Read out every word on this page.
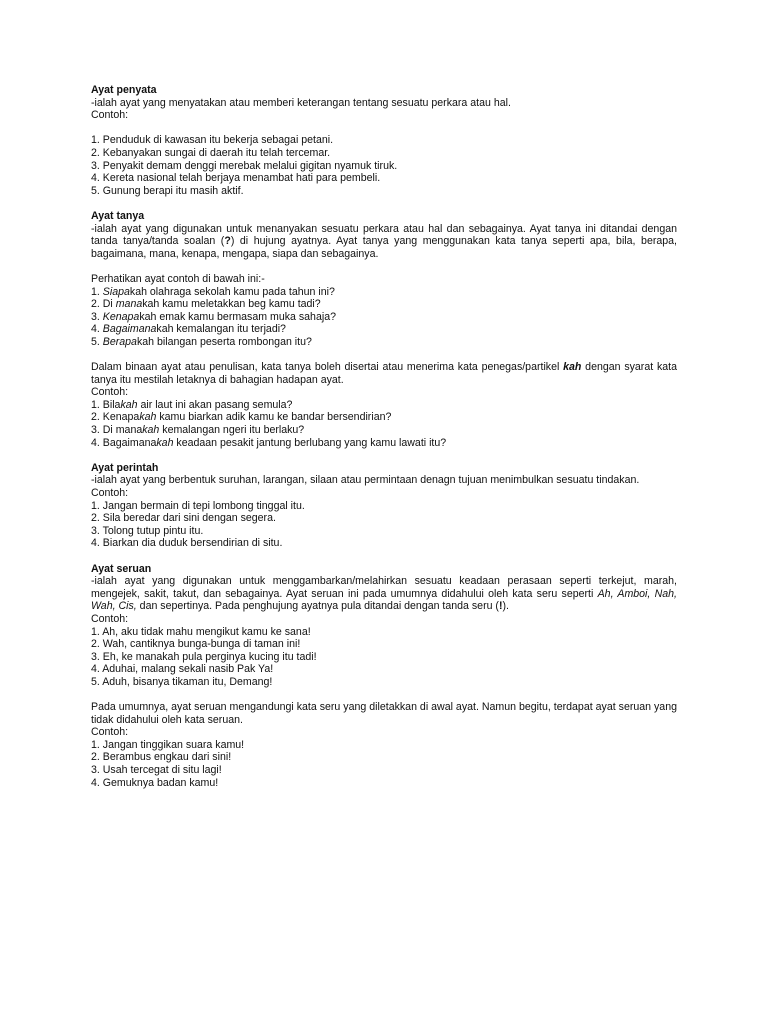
Ayat penyata

-ialah ayat yang menyatakan atau memberi keterangan tentang sesuatu perkara atau hal.

Contoh:

1. Penduduk di kawasan itu bekerja sebagai petani.
2. Kebanyakan sungai di daerah itu telah tercemar.
3. Penyakit demam denggi merebak melalui gigitan nyamuk tiruk.
4. Kereta nasional telah berjaya menambat hati para pembeli.
5. Gunung berapi itu masih aktif.

Ayat tanya

-ialah ayat yang digunakan untuk menanyakan sesuatu perkara atau hal dan sebagainya. Ayat tanya ini ditandai dengan tanda tanya/tanda soalan (?) di hujung ayatnya. Ayat tanya yang menggunakan kata tanya seperti apa, bila, berapa, bagaimana, mana, kenapa, mengapa, siapa dan sebagainya.

Perhatikan ayat contoh di bawah ini:-

1. Siapakah olahraga sekolah kamu pada tahun ini?
2. Di manakah kamu meletakkan beg kamu tadi?
3. Kenapakah emak kamu bermasam muka sahaja?
4. Bagaimanakah kemalangan itu terjadi?
5. Berapakah bilangan peserta rombongan itu?

Dalam binaan ayat atau penulisan, kata tanya boleh disertai atau menerima kata penegas/partikel kah dengan syarat kata tanya itu mestilah letaknya di bahagian hadapan ayat.

Contoh:

1. Bilakah air laut ini akan pasang semula?
2. Kenapakah kamu biarkan adik kamu ke bandar bersendirian?
3. Di manakah kemalangan ngeri itu berlaku?
4. Bagaimanakah keadaan pesakit jantung berlubang yang kamu lawati itu?

Ayat perintah

-ialah ayat yang berbentuk suruhan, larangan, silaan atau permintaan denagn tujuan menimbulkan sesuatu tindakan.

Contoh:

1. Jangan bermain di tepi lombong tinggal itu.
2. Sila beredar dari sini dengan segera.
3. Tolong tutup pintu itu.
4. Biarkan dia duduk bersendirian di situ.

Ayat seruan

-ialah ayat yang digunakan untuk menggambarkan/melahirkan sesuatu keadaan perasaan seperti terkejut, marah, mengejek, sakit, takut, dan sebagainya. Ayat seruan ini pada umumnya didahului oleh kata seru seperti Ah, Amboi, Nah, Wah, Cis, dan sepertinya. Pada penghujung ayatnya pula ditandai dengan tanda seru (!).

Contoh:

1. Ah, aku tidak mahu mengikut kamu ke sana!
2. Wah, cantiknya bunga-bunga di taman ini!
3. Eh, ke manakah pula perginya kucing itu tadi!
4. Aduhai, malang sekali nasib Pak Ya!
5. Aduh, bisanya tikaman itu, Demang!

Pada umumnya, ayat seruan mengandungi kata seru yang diletakkan di awal ayat. Namun begitu, terdapat ayat seruan yang tidak didahului oleh kata seruan.

Contoh:

1. Jangan tinggikan suara kamu!
2. Berambus engkau dari sini!
3. Usah tercegat di situ lagi!
4. Gemuknya badan kamu!
